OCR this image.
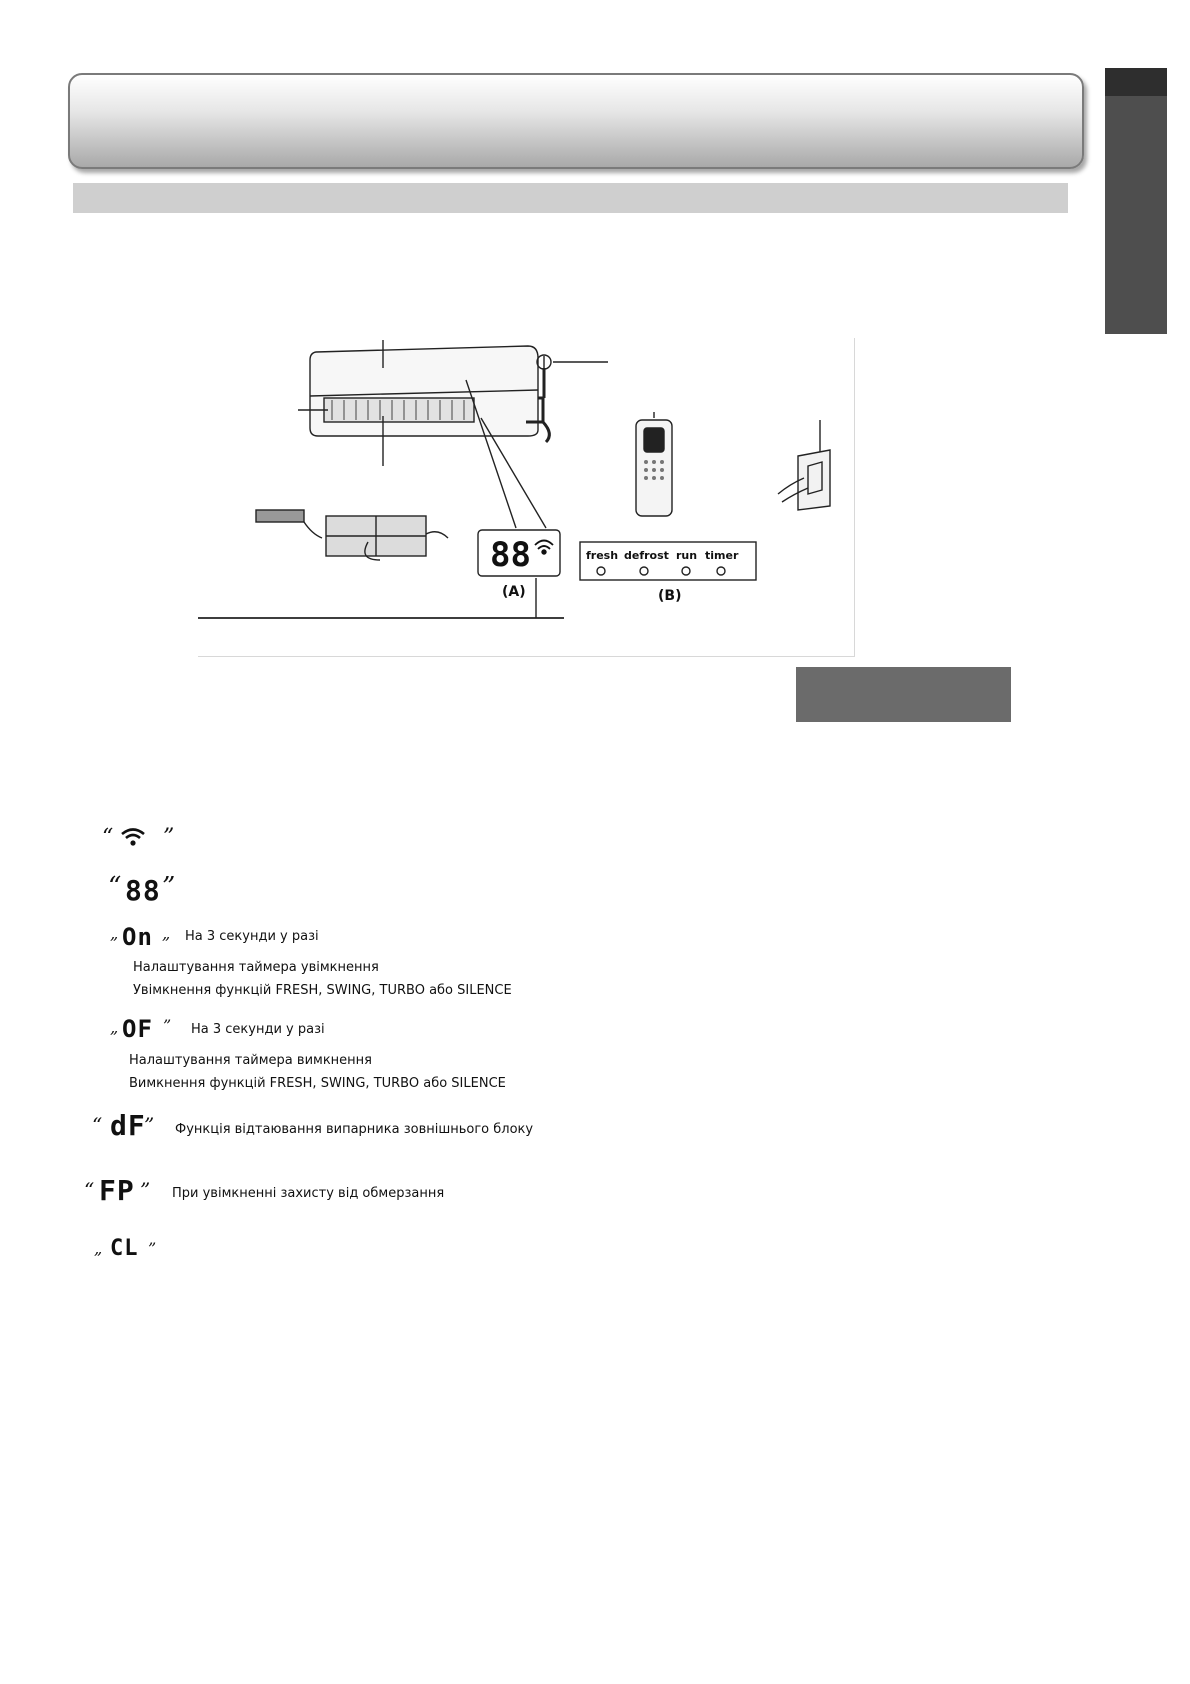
88
(A)
fresh defrost run timer
(B)
“ ”
“ 88 ”
„ On „ На 3 секунди у разі
Налаштування таймера увімкнення
Увімкнення функцій FRESH, SWING, TURBO або SILENCE
„ OF ” На 3 секунди у разі
Налаштування таймера вимкнення
Вимкнення функцій FRESH, SWING, TURBO або SILENCE
“ dF
” Функція відтаювання випарника зовнішнього блоку
“ FP ” При увімкненні захисту від обмерзання
„ CL ”
